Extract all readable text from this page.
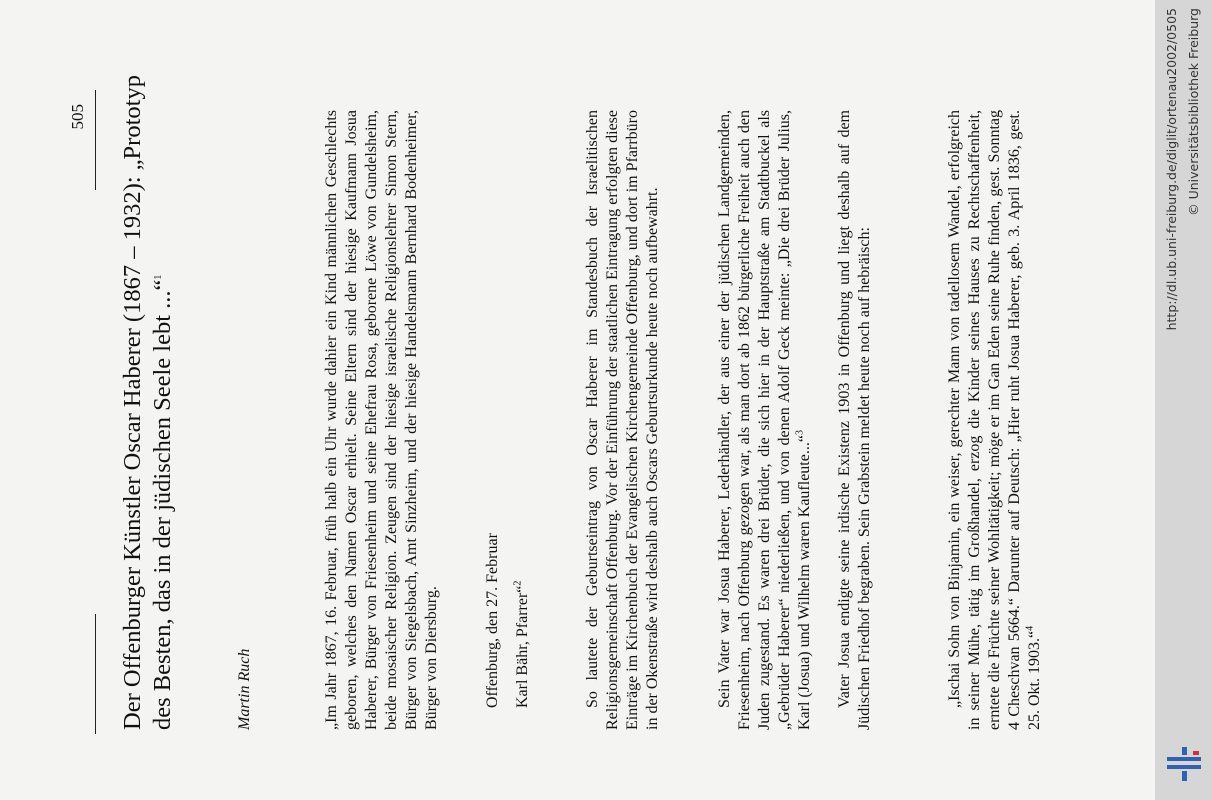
505 Der Offenburger Künstler Oscar Haberer (1867 – 1932): „Prototyp des Besten, das in der jüdischen Seele lebt ...“$^1$
Martin Ruch	„Im Jahr 1867, 16. Februar, früh halb ein Uhr wurde dahier ein Kind männlichen Geschlechts geboren, welches den Namen Oscar erhielt. Seine Eltern sind der hiesige Kaufmann Josua Haberer, Bürger von Friesenheim und seine Ehefrau Rosa, geborene Löwe von Gundelsheim, beide mosaischer Religion. Zeugen sind der hiesige israelische Religionslehrer Simon Stern, Bürger von Siegelsbach, Amt Sinzheim, und der hiesige Handelsmann Bernhard Bodenheimer, Bürger von Diersburg.	Offenburg, den 27. Februar Karl Bähr, Pfarrer“$^2$	So lautete der Geburtseintrag von Oscar Haberer im Standesbuch der Israelitischen Religionsgemeinschaft Offenburg. Vor der Einführung der staatlichen Eintragung erfolgten diese Einträge im Kirchenbuch der Evangelischen Kirchengemeinde Offenburg, und dort im Pfarrbüro in der Okenstraße wird deshalb auch Oscars Geburtsurkunde heute noch aufbewahrt.	Sein Vater war Josua Haberer, Lederhändler, der aus einer der jüdischen Landgemeinden, Friesenheim, nach Offenburg gezogen war, als man dort ab 1862 bürgerliche Freiheit auch den Juden zugestand. Es waren drei Brüder, die sich hier in der Hauptstraße am Stadtbuckel als „Gebrüder Haberer“ niederließen, und von denen Adolf Geck meinte: „Die drei Brüder Julius, Karl (Josua) und Wilhelm waren Kaufleute...“$^3$	Vater Josua endigte seine irdische Existenz 1903 in Offenburg und liegt deshalb auf dem Jüdischen Friedhof begraben. Sein Grabstein meldet heute noch auf hebräisch:	„Ischai Sohn von Binjamin, ein weiser, gerechter Mann von tadellosem Wandel, erfolgreich in seiner Mühe, tätig im Großhandel, erzog die Kinder seines Hauses zu Rechtschaffenheit, erntete die Früchte seiner Wohltätigkeit; möge er im Gan Eden seine Ruhe finden, gest. Sonntag 4 Cheschvan 5664.“ Darunter auf Deutsch: „Hier ruht Josua Haberer, geb. 3. April 1836, gest. 25. Okt. 1903.“$^4$

http://dl.ub.uni-freiburg.de/diglit/ortenau2002/0505 © Universitätsbibliothek Freiburg
